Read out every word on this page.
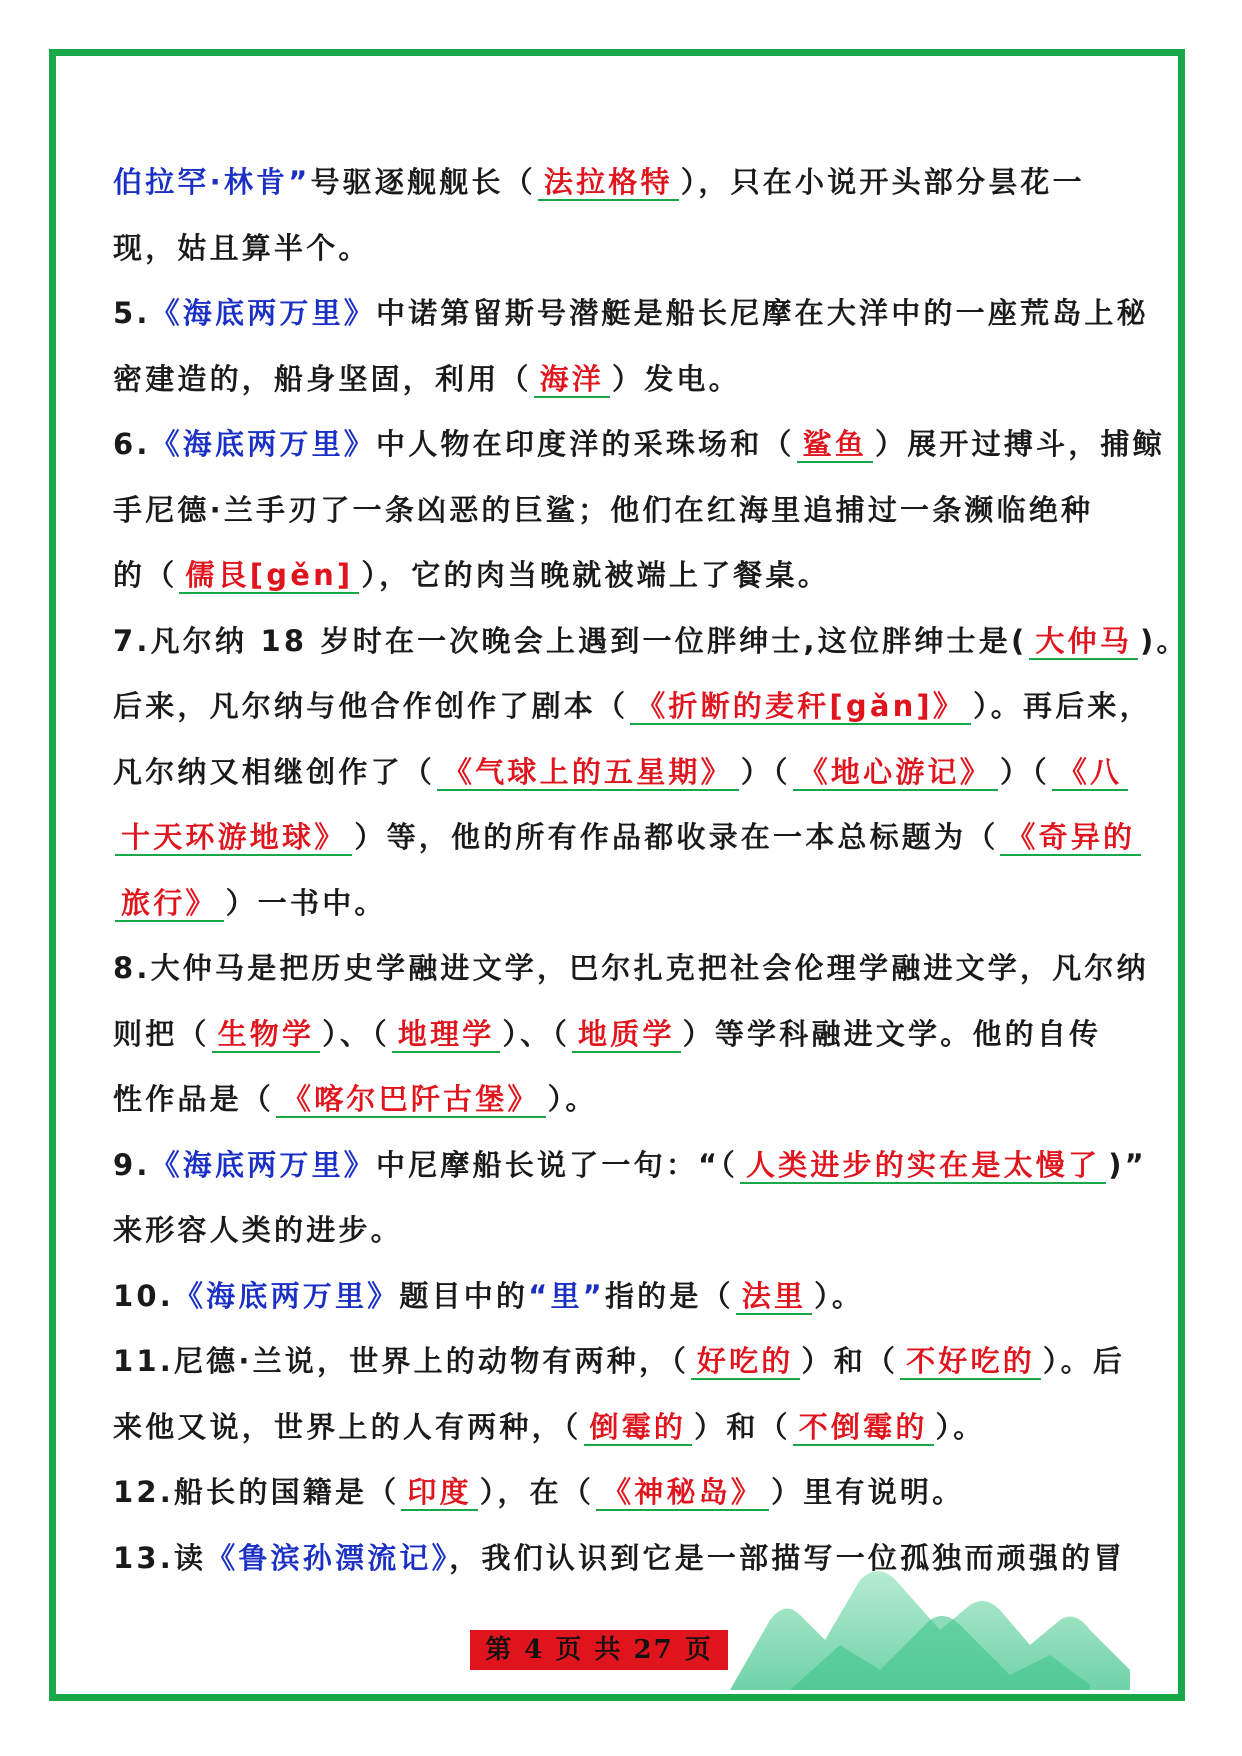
伯拉罕·林肯”号驱逐舰舰长（ 法拉格特 ），只在小说开头部分昙花一
现，姑且算半个。
5.《海底两万里》中诺第留斯号潜艇是船长尼摩在大洋中的一座荒岛上秘
密建造的，船身坚固，利用（ 海洋 ）发电。
6.《海底两万里》中人物在印度洋的采珠场和（ 鲨鱼 ）展开过搏斗，捕鲸
手尼德·兰手刃了一条凶恶的巨鲨；他们在红海里追捕过一条濒临绝种
的（ 儒艮[gěn] ），它的肉当晚就被端上了餐桌。
7.凡尔纳 18 岁时在一次晚会上遇到一位胖绅士,这位胖绅士是( 大仲马 )。
后来，凡尔纳与他合作创作了剧本（ 《折断的麦秆[gǎn]》 ）。再后来，
凡尔纳又相继创作了（ 《气球上的五星期》 ）（ 《地心游记》 ）（ 《八
十天环游地球》 ）等，他的所有作品都收录在一本总标题为（ 《奇异的
旅行》 ）一书中。
8.大仲马是把历史学融进文学，巴尔扎克把社会伦理学融进文学，凡尔纳
则把（ 生物学 ）、（ 地理学 ）、（ 地质学 ）等学科融进文学。他的自传
性作品是（ 《喀尔巴阡古堡》 ）。
9.《海底两万里》中尼摩船长说了一句：“（ 人类进步的实在是太慢了 )”
来形容人类的进步。
10.《海底两万里》题目中的“里”指的是（ 法里 ）。
11.尼德·兰说，世界上的动物有两种，（ 好吃的 ）和（ 不好吃的 ）。后
来他又说，世界上的人有两种，（ 倒霉的 ）和（ 不倒霉的 ）。
12.船长的国籍是（ 印度 ），在（ 《神秘岛》 ）里有说明。
13.读《鲁滨孙漂流记》，我们认识到它是一部描写一位孤独而顽强的冒
第 4 页 共 27 页
